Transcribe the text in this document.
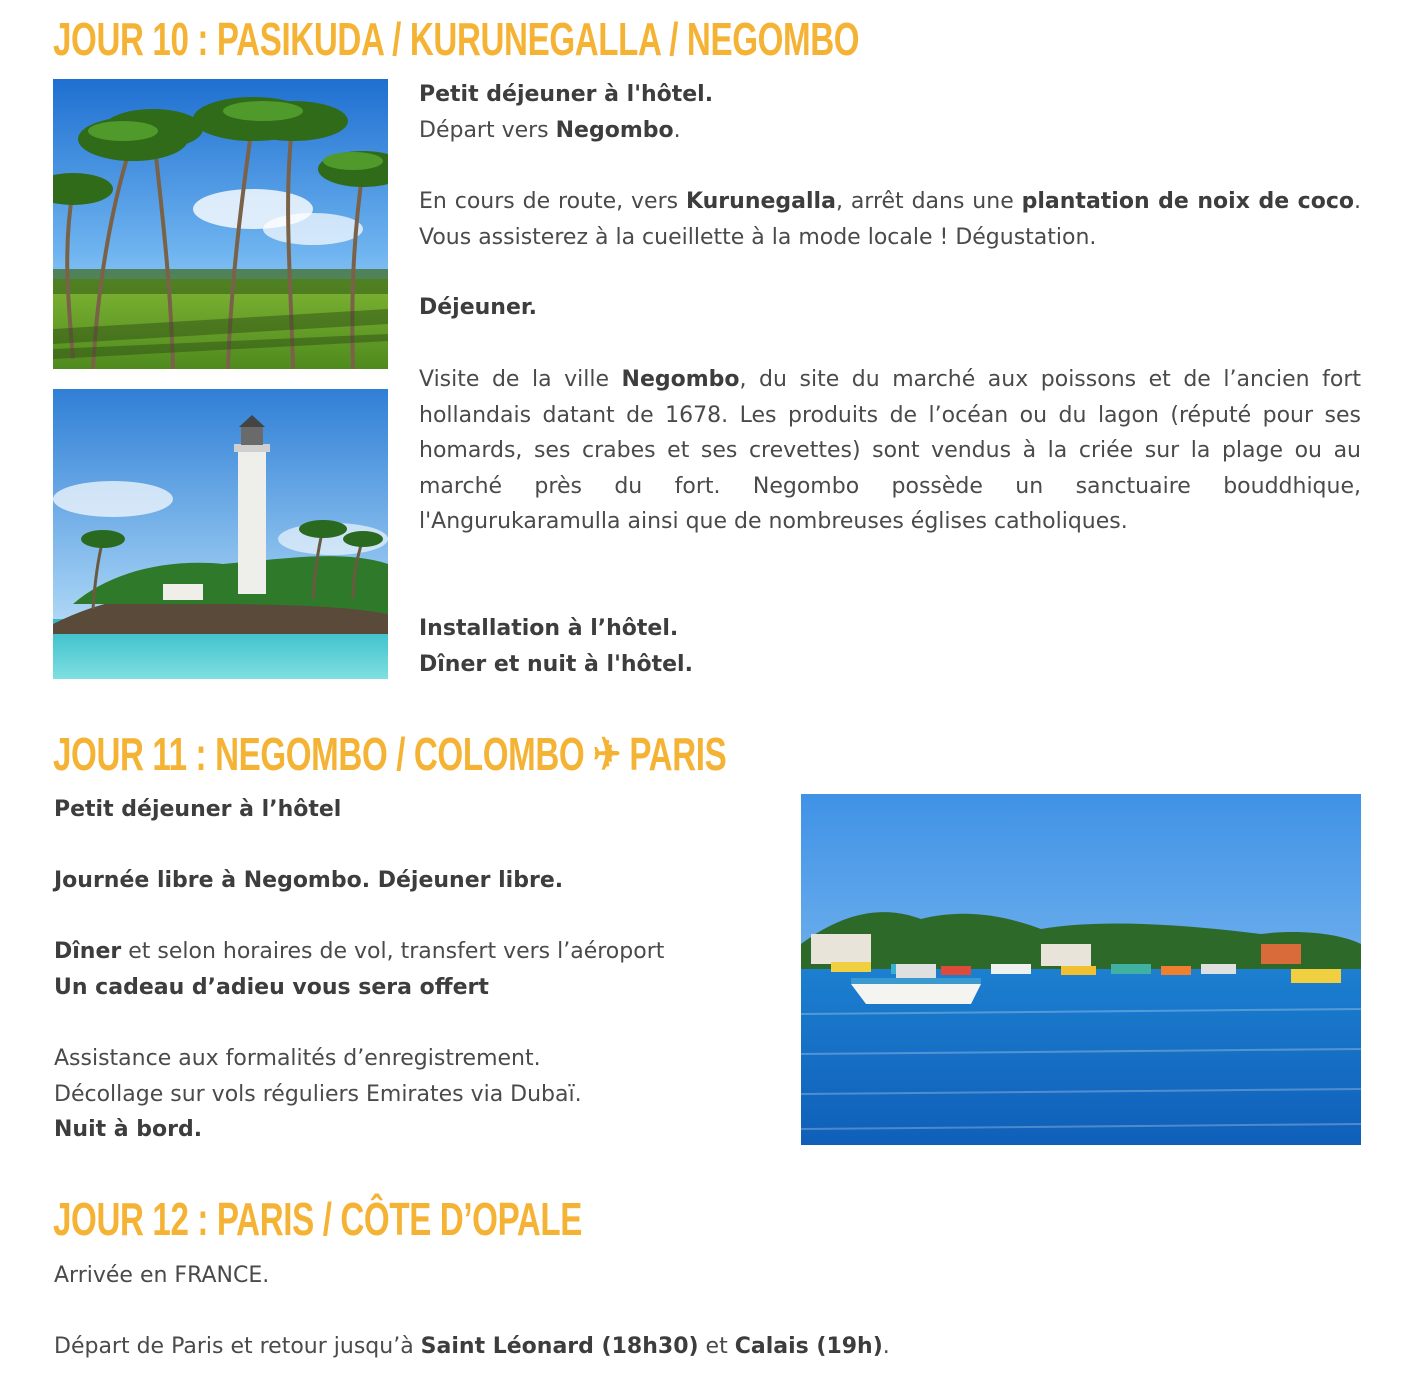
JOUR 10 : PASIKUDA / KURUNEGALLA / NEGOMBO

Petit déjeuner à l'hôtel.
Départ vers Negombo.

En cours de route, vers Kurunegalla, arrêt dans une plantation de noix de coco. Vous assisterez à la cueillette à la mode locale ! Dégustation.

Déjeuner.

Visite de la ville Negombo, du site du marché aux poissons et de l’ancien fort hollandais datant de 1678. Les produits de l’océan ou du lagon (réputé pour ses homards, ses crabes et ses crevettes) sont vendus à la criée sur la plage ou au marché près du fort. Negombo possède un sanctuaire bouddhique, l'Angurukaramulla ainsi que de nombreuses églises catholiques.

Installation à l’hôtel.
Dîner et nuit à l'hôtel.

JOUR 11 : NEGOMBO / COLOMBO ✈ PARIS

Petit déjeuner à l’hôtel

Journée libre à Negombo. Déjeuner libre.

Dîner et selon horaires de vol, transfert vers l’aéroport
Un cadeau d’adieu vous sera offert

Assistance aux formalités d’enregistrement.
Décollage sur vols réguliers Emirates via Dubaï.
Nuit à bord.

JOUR 12 : PARIS / CÔTE D’OPALE

Arrivée en FRANCE.

Départ de Paris et retour jusqu’à Saint Léonard (18h30) et Calais (19h).
